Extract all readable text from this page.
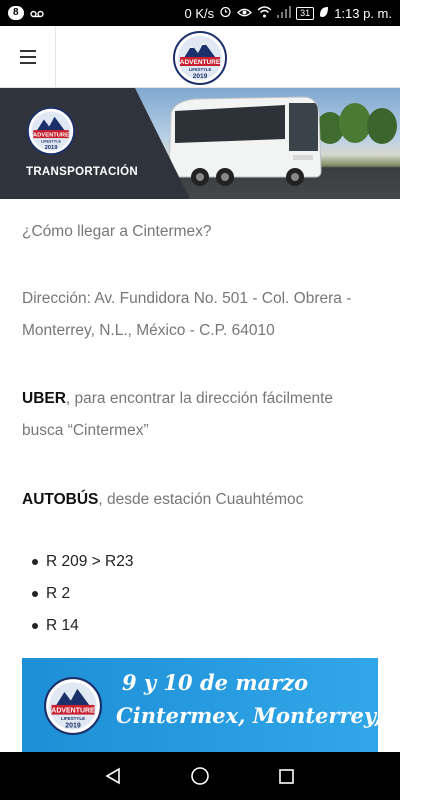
8	0 K/s	31	1:13 p. m.
ADVENTURE
LIFESTYLE
2019
ADVENTURE
LIFESTYLE
2019
TRANSPORTACIÓN
¿Cómo llegar a Cintermex?
Dirección: Av. Fundidora No. 501 - Col. Obrera - Monterrey, N.L., México - C.P. 64010
UBER, para encontrar la dirección fácilmente busca “Cintermex”
AUTOBÚS, desde estación Cuauhtémoc
R 209 > R23
R 2
R 14
ADVENTURE
LIFESTYLE
2019
9 y 10 de marzo
Cintermex, Monterrey, N.L
